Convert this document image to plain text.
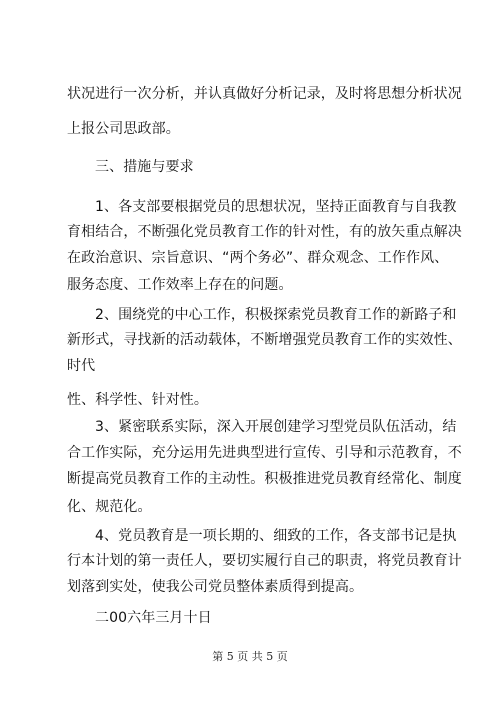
状况进行一次分析，并认真做好分析记录，及时将思想分析状况
上报公司思政部。
三、措施与要求
1、各支部要根据党员的思想状况，坚持正面教育与自我教
育相结合，不断强化党员教育工作的针对性，有的放矢重点解决
在政治意识、宗旨意识、“两个务必”、群众观念、工作作风、
服务态度、工作效率上存在的问题。
2、围绕党的中心工作，积极探索党员教育工作的新路子和
新形式，寻找新的活动载体，不断增强党员教育工作的实效性、
时代
性、科学性、针对性。
3、紧密联系实际，深入开展创建学习型党员队伍活动，结
合工作实际，充分运用先进典型进行宣传、引导和示范教育，不
断提高党员教育工作的主动性。积极推进党员教育经常化、制度
化、规范化。
4、党员教育是一项长期的、细致的工作，各支部书记是执
行本计划的第一责任人，要切实履行自己的职责，将党员教育计
划落到实处，使我公司党员整体素质得到提高。
二00六年三月十日
第 5 页 共 5 页
